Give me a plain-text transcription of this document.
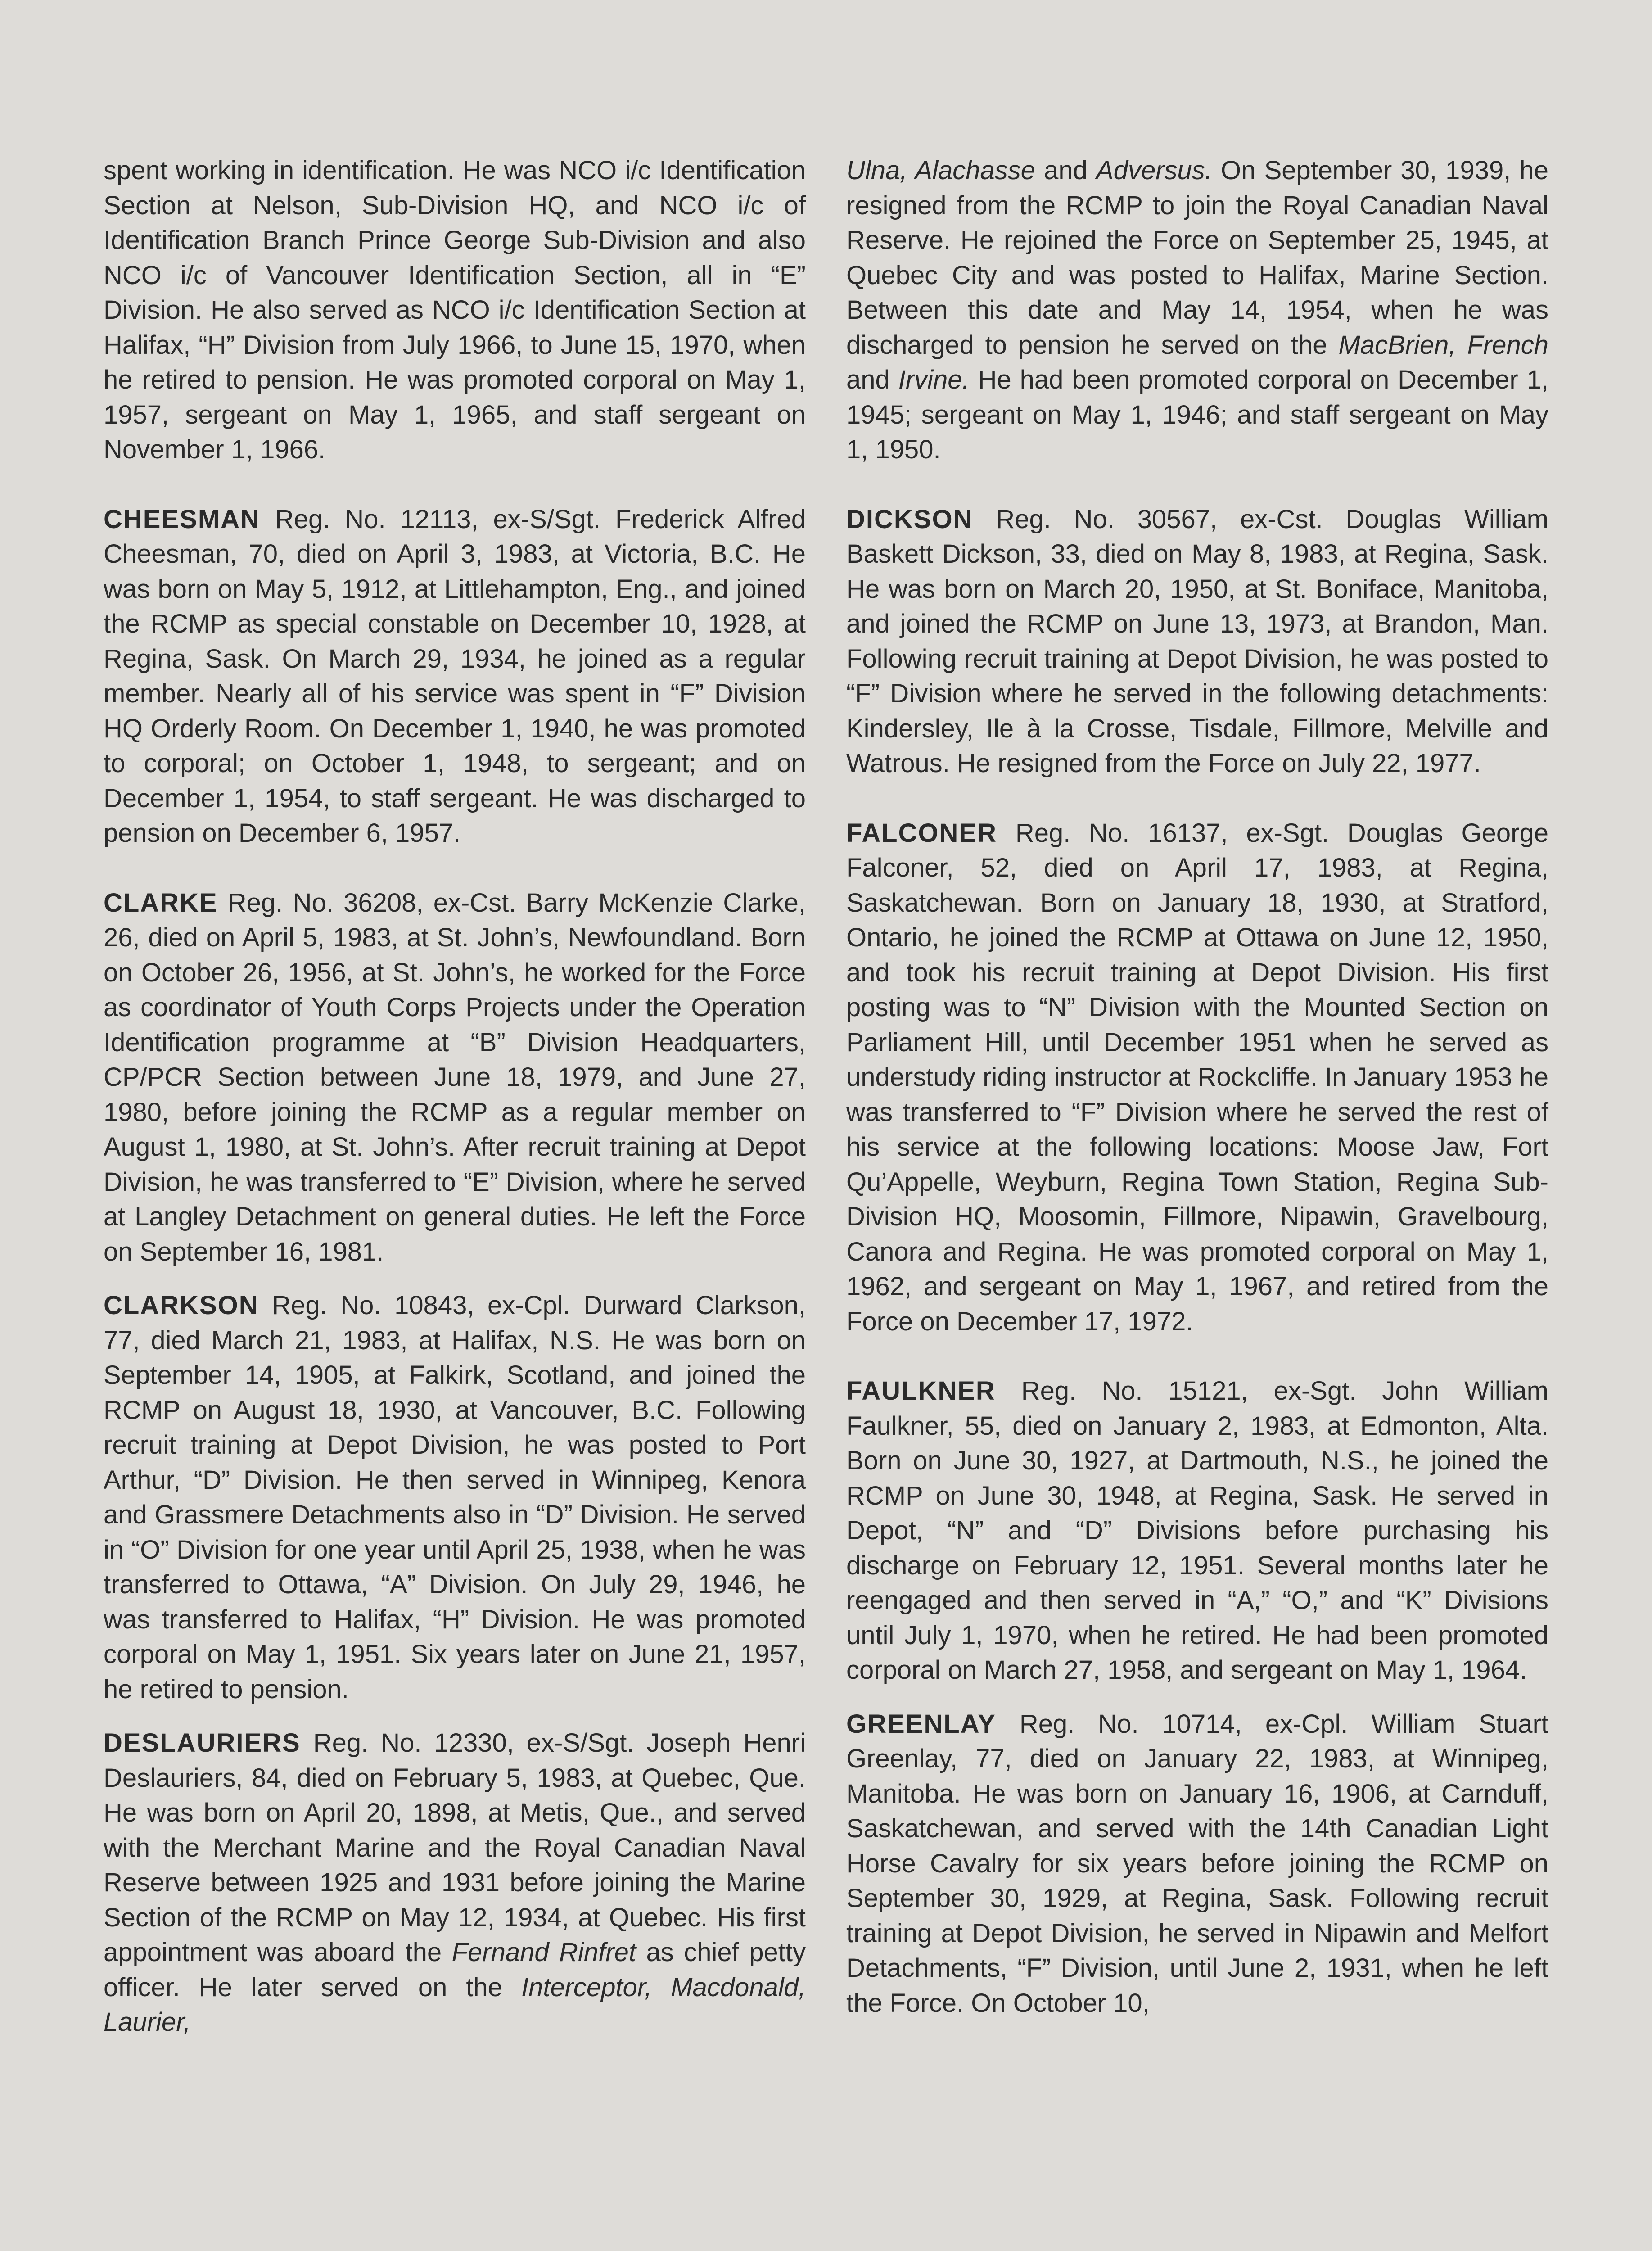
spent working in identification. He was NCO i/c Identification Section at Nelson, Sub-Division HQ, and NCO i/c of Identification Branch Prince George Sub-Division and also NCO i/c of Vancouver Identification Section, all in “E” Division. He also served as NCO i/c Identification Section at Halifax, “H” Division from July 1966, to June 15, 1970, when he retired to pension. He was promoted corporal on May 1, 1957, sergeant on May 1, 1965, and staff sergeant on November 1, 1966.

CHEESMAN Reg. No. 12113, ex-S/Sgt. Frederick Alfred Cheesman, 70, died on April 3, 1983, at Victoria, B.C. He was born on May 5, 1912, at Littlehampton, Eng., and joined the RCMP as special constable on December 10, 1928, at Regina, Sask. On March 29, 1934, he joined as a regular member. Nearly all of his service was spent in “F” Division HQ Orderly Room. On December 1, 1940, he was promoted to corporal; on October 1, 1948, to sergeant; and on December 1, 1954, to staff sergeant. He was discharged to pension on December 6, 1957.

CLARKE Reg. No. 36208, ex-Cst. Barry McKenzie Clarke, 26, died on April 5, 1983, at St. John’s, Newfoundland. Born on October 26, 1956, at St. John’s, he worked for the Force as coordinator of Youth Corps Projects under the Operation Identification programme at “B” Division Headquarters, CP/PCR Section between June 18, 1979, and June 27, 1980, before joining the RCMP as a regular member on August 1, 1980, at St. John’s. After recruit training at Depot Division, he was transferred to “E” Division, where he served at Langley Detachment on general duties. He left the Force on September 16, 1981.

CLARKSON Reg. No. 10843, ex-Cpl. Durward Clarkson, 77, died March 21, 1983, at Halifax, N.S. He was born on September 14, 1905, at Falkirk, Scotland, and joined the RCMP on August 18, 1930, at Vancouver, B.C. Following recruit training at Depot Division, he was posted to Port Arthur, “D” Division. He then served in Winnipeg, Kenora and Grassmere Detachments also in “D” Division. He served in “O” Division for one year until April 25, 1938, when he was transferred to Ottawa, “A” Division. On July 29, 1946, he was transferred to Halifax, “H” Division. He was promoted corporal on May 1, 1951. Six years later on June 21, 1957, he retired to pension.

DESLAURIERS Reg. No. 12330, ex-S/Sgt. Joseph Henri Deslauriers, 84, died on February 5, 1983, at Quebec, Que. He was born on April 20, 1898, at Metis, Que., and served with the Merchant Marine and the Royal Canadian Naval Reserve between 1925 and 1931 before joining the Marine Section of the RCMP on May 12, 1934, at Quebec. His first appointment was aboard the Fernand Rinfret as chief petty officer. He later served on the Interceptor, Macdonald, Laurier,

Ulna, Alachasse and Adversus. On September 30, 1939, he resigned from the RCMP to join the Royal Canadian Naval Reserve. He rejoined the Force on September 25, 1945, at Quebec City and was posted to Halifax, Marine Section. Between this date and May 14, 1954, when he was discharged to pension he served on the MacBrien, French and Irvine. He had been promoted corporal on December 1, 1945; sergeant on May 1, 1946; and staff sergeant on May 1, 1950.

DICKSON Reg. No. 30567, ex-Cst. Douglas William Baskett Dickson, 33, died on May 8, 1983, at Regina, Sask. He was born on March 20, 1950, at St. Boniface, Manitoba, and joined the RCMP on June 13, 1973, at Brandon, Man. Following recruit training at Depot Division, he was posted to “F” Division where he served in the following detachments: Kindersley, Ile à la Crosse, Tisdale, Fillmore, Melville and Watrous. He resigned from the Force on July 22, 1977.

FALCONER Reg. No. 16137, ex-Sgt. Douglas George Falconer, 52, died on April 17, 1983, at Regina, Saskatchewan. Born on January 18, 1930, at Stratford, Ontario, he joined the RCMP at Ottawa on June 12, 1950, and took his recruit training at Depot Division. His first posting was to “N” Division with the Mounted Section on Parliament Hill, until December 1951 when he served as understudy riding instructor at Rockcliffe. In January 1953 he was transferred to “F” Division where he served the rest of his service at the following locations: Moose Jaw, Fort Qu’Appelle, Weyburn, Regina Town Station, Regina Sub-Division HQ, Moosomin, Fillmore, Nipawin, Gravelbourg, Canora and Regina. He was promoted corporal on May 1, 1962, and sergeant on May 1, 1967, and retired from the Force on December 17, 1972.

FAULKNER Reg. No. 15121, ex-Sgt. John William Faulkner, 55, died on January 2, 1983, at Edmonton, Alta. Born on June 30, 1927, at Dartmouth, N.S., he joined the RCMP on June 30, 1948, at Regina, Sask. He served in Depot, “N” and “D” Divisions before purchasing his discharge on February 12, 1951. Several months later he reengaged and then served in “A,” “O,” and “K” Divisions until July 1, 1970, when he retired. He had been promoted corporal on March 27, 1958, and sergeant on May 1, 1964.

GREENLAY Reg. No. 10714, ex-Cpl. William Stuart Greenlay, 77, died on January 22, 1983, at Winnipeg, Manitoba. He was born on January 16, 1906, at Carnduff, Saskatchewan, and served with the 14th Canadian Light Horse Cavalry for six years before joining the RCMP on September 30, 1929, at Regina, Sask. Following recruit training at Depot Division, he served in Nipawin and Melfort Detachments, “F” Division, until June 2, 1931, when he left the Force. On October 10,
